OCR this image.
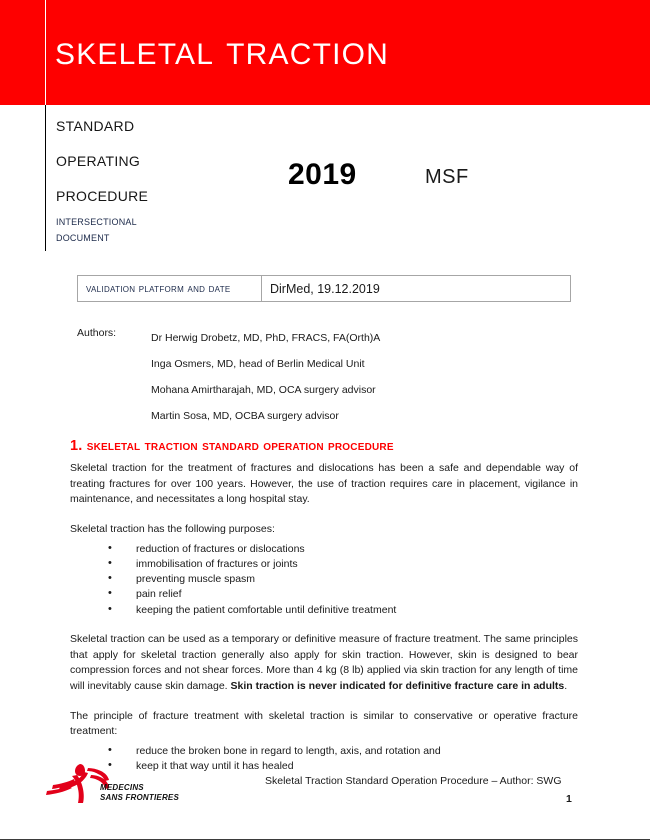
SKELETAL TRACTION
standard
operating
procedure
intersectional
document
2019	MSF
validation platform and date	DirMed, 19.12.2019
Authors:	Dr Herwig Drobetz, MD, PhD, FRACS, FA(Orth)A
Inga Osmers, MD, head of Berlin Medical Unit
Mohana Amirtharajah, MD, OCA surgery advisor
Martin Sosa, MD, OCBA surgery advisor
1. skeletal traction standard operation procedure

Skeletal traction for the treatment of fractures and dislocations has been a safe and dependable way of treating fractures for over 100 years. However, the use of traction requires care in placement, vigilance in maintenance, and necessitates a long hospital stay.

Skeletal traction has the following purposes:

• reduction of fractures or dislocations
• immobilisation of fractures or joints
• preventing muscle spasm
• pain relief
• keeping the patient comfortable until definitive treatment

Skeletal traction can be used as a temporary or definitive measure of fracture treatment. The same principles that apply for skeletal traction generally also apply for skin traction. However, skin is designed to bear compression forces and not shear forces. More than 4 kg (8 lb) applied via skin traction for any length of time will inevitably cause skin damage. Skin traction is never indicated for definitive fracture care in adults.

The principle of fracture treatment with skeletal traction is similar to conservative or operative fracture treatment:

• reduce the broken bone in regard to length, axis, and rotation and
• keep it that way until it has healed
MEDECINS
SANS FRONTIERES
Skeletal Traction Standard Operation Procedure – Author: SWG
1
